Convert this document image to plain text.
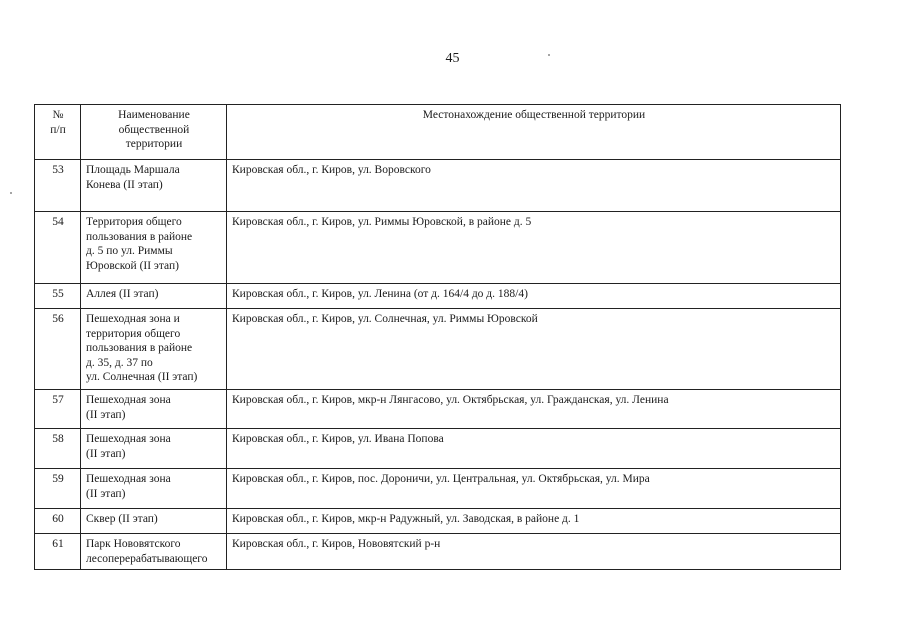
45
№
п/п	Наименование
общественной
территории	Местонахождение общественной территории
53	Площадь Маршала
Конева (II этап)	Кировская обл., г. Киров, ул. Воровского
54	Территория общего
пользования в районе
д. 5 по ул. Риммы
Юровской (II этап)	Кировская обл., г. Киров, ул. Риммы Юровской, в районе д. 5
55	Аллея (II этап)	Кировская обл., г. Киров, ул. Ленина (от д. 164/4 до д. 188/4)
56	Пешеходная зона и
территория общего
пользования в районе
д. 35, д. 37 по
ул. Солнечная (II этап)	Кировская обл., г. Киров, ул. Солнечная, ул. Риммы Юровской
57	Пешеходная зона
(II этап)	Кировская обл., г. Киров, мкр-н Лянгасово, ул. Октябрьская, ул. Гражданская, ул. Ленина
58	Пешеходная зона
(II этап)	Кировская обл., г. Киров, ул. Ивана Попова
59	Пешеходная зона
(II этап)	Кировская обл., г. Киров, пос. Дороничи, ул. Центральная, ул. Октябрьская, ул. Мира
60	Сквер (II этап)	Кировская обл., г. Киров, мкр-н Радужный, ул. Заводская, в районе д. 1
61	Парк Нововятского
лесоперерабатывающего	Кировская обл., г. Киров, Нововятский р-н
